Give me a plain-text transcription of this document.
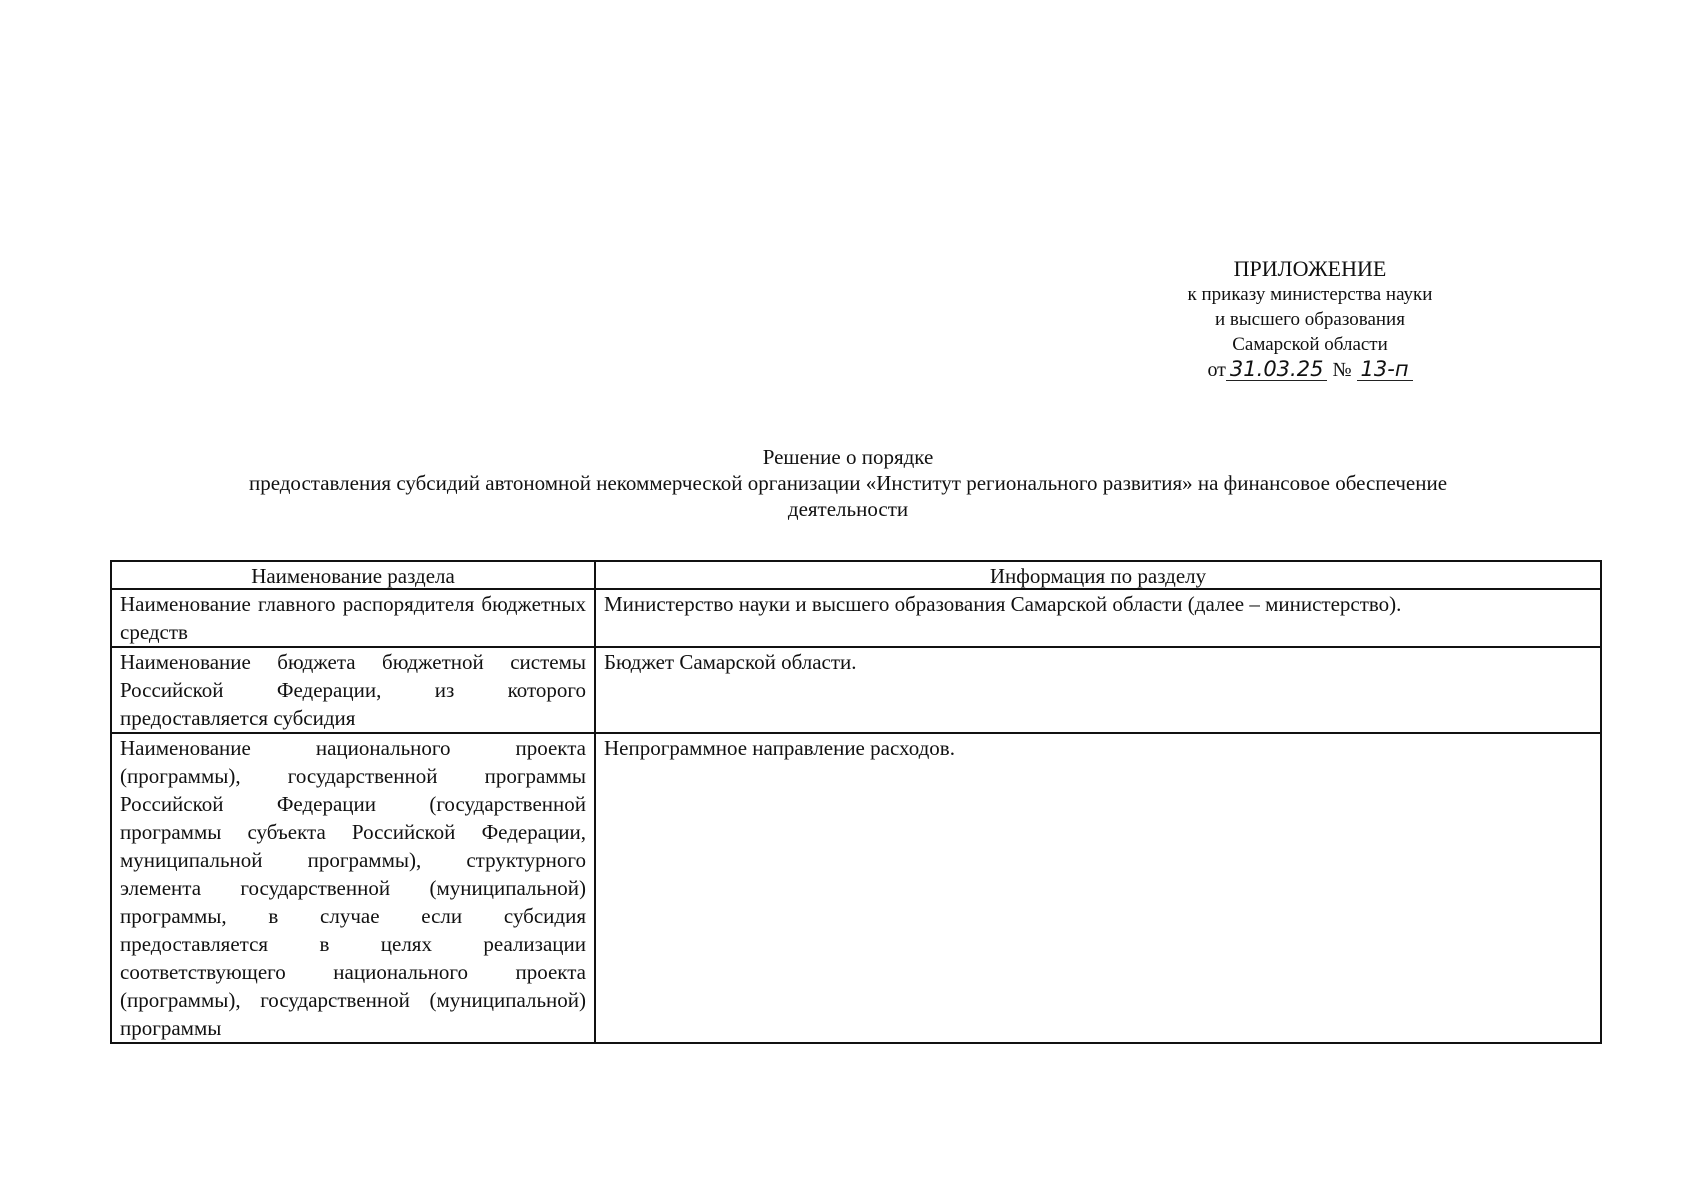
ПРИЛОЖЕНИЕ
к приказу министерства науки
и высшего образования
Самарской области
от 31.03.25 № 13-п
Решение о порядке
предоставления субсидий автономной некоммерческой организации «Институт регионального развития» на финансовое обеспечение
деятельности
Наименование раздела	Информация по разделу
Наименование главного распорядителя бюджетных средств	Министерство науки и высшего образования Самарской области (далее – министерство).
Наименование бюджета бюджетной системы Российской Федерации, из которого предоставляется субсидия	Бюджет Самарской области.
Наименование национального проекта (программы), государственной программы Российской Федерации (государственной программы субъекта Российской Федерации, муниципальной программы), структурного элемента государственной (муниципальной) программы, в случае если субсидия предоставляется в целях реализации соответствующего национального проекта (программы), государственной (муниципальной) программы	Непрограммное направление расходов.
